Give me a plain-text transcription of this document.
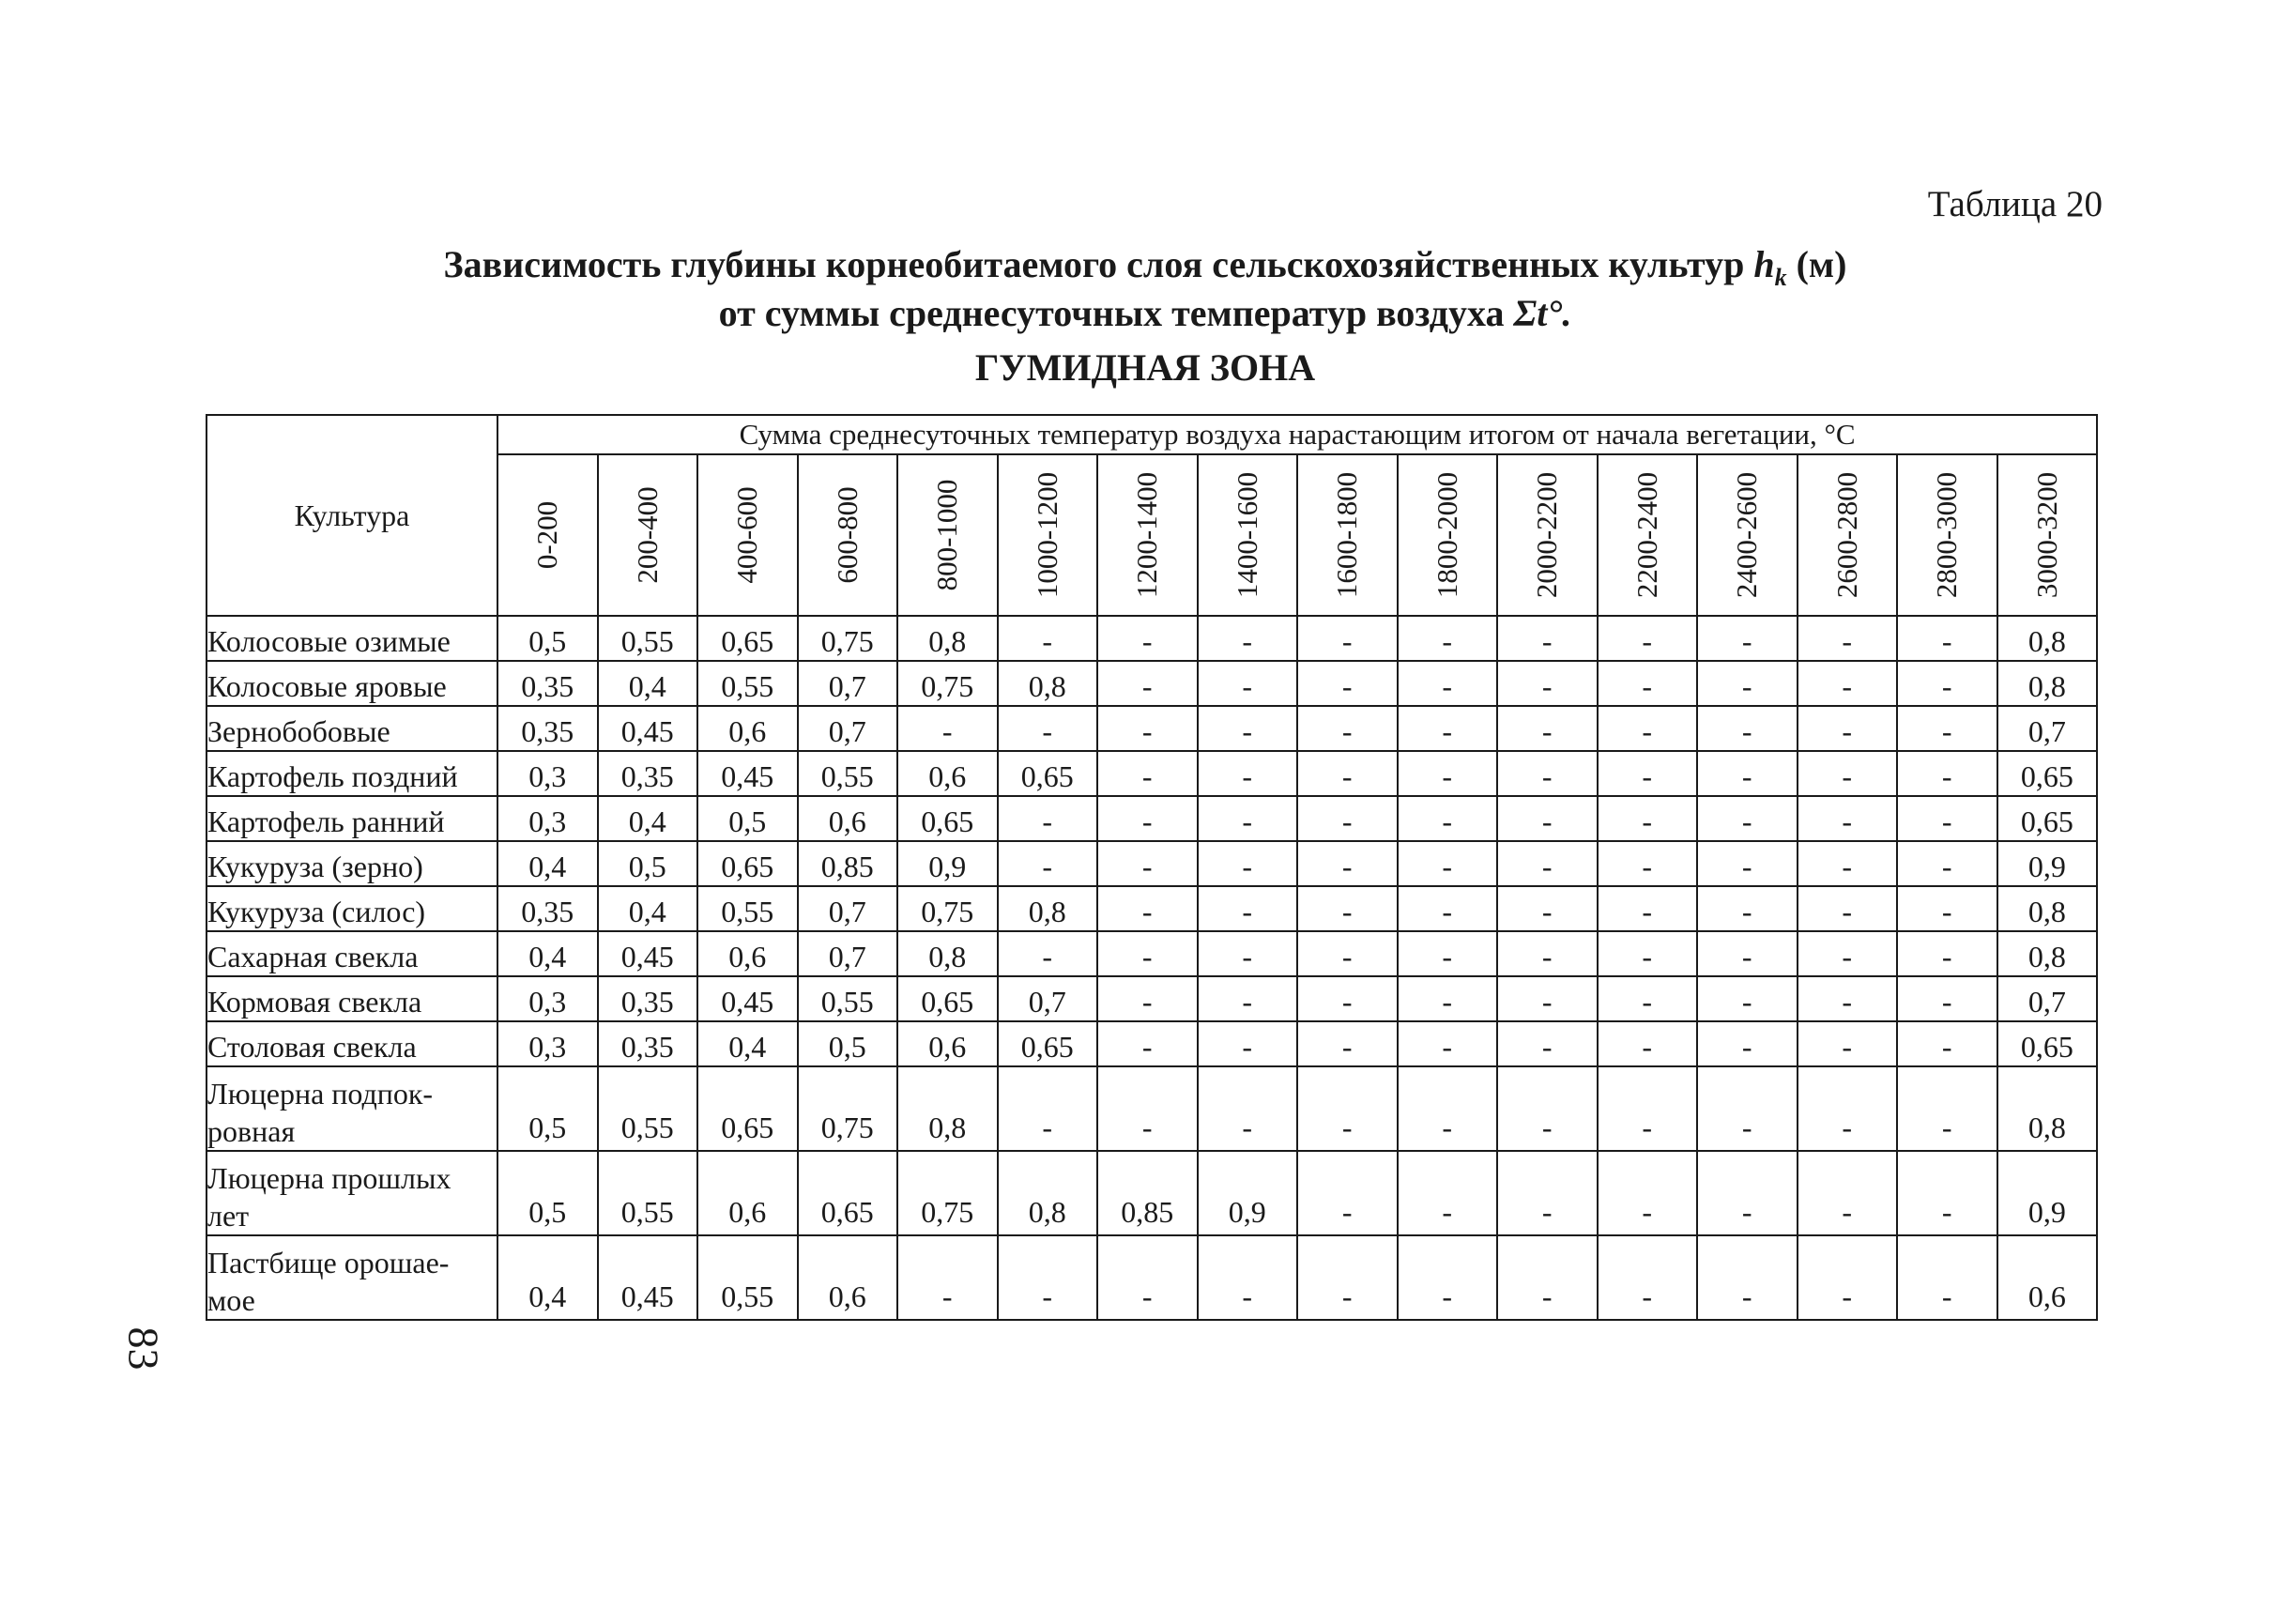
Таблица 20
Зависимость глубины корнеобитаемого слоя сельскохозяйственных культур $h_k$ (м)
от суммы среднесуточных температур воздуха Σt°.
ГУМИДНАЯ ЗОНА
Культура	Сумма среднесуточных температур воздуха нарастающим итогом от начала вегетации, °С															

	0-200	200-400	400-600	600-800	800-1000	1000-1200	1200-1400	1400-1600	1600-1800	1800-2000	2000-2200	2200-2400	2400-2600	2600-2800	2800-3000	3000-3200

Колосовые озимые	0,5	0,55	0,65	0,75	0,8	-	-	-	-	-	-	-	-	-	-	0,8
Колосовые яровые	0,35	0,4	0,55	0,7	0,75	0,8	-	-	-	-	-	-	-	-	-	0,8
Зернобобовые	0,35	0,45	0,6	0,7	-	-	-	-	-	-	-	-	-	-	-	0,7
Картофель поздний	0,3	0,35	0,45	0,55	0,6	0,65	-	-	-	-	-	-	-	-	-	0,65
Картофель ранний	0,3	0,4	0,5	0,6	0,65	-	-	-	-	-	-	-	-	-	-	0,65
Кукуруза (зерно)	0,4	0,5	0,65	0,85	0,9	-	-	-	-	-	-	-	-	-	-	0,9
Кукуруза (силос)	0,35	0,4	0,55	0,7	0,75	0,8	-	-	-	-	-	-	-	-	-	0,8
Сахарная свекла	0,4	0,45	0,6	0,7	0,8	-	-	-	-	-	-	-	-	-	-	0,8
Кормовая свекла	0,3	0,35	0,45	0,55	0,65	0,7	-	-	-	-	-	-	-	-	-	0,7
Столовая свекла	0,3	0,35	0,4	0,5	0,6	0,65	-	-	-	-	-	-	-	-	-	0,65

Люцерна подпок-
ровная	0,5	0,55	0,65	0,75	0,8	-	-	-	-	-	-	-	-	-	-	0,8

Люцерна прошлых
лет	0,5	0,55	0,6	0,65	0,75	0,8	0,85	0,9	-	-	-	-	-	-	-	0,9

Пастбище орошае-
мое	0,4	0,45	0,55	0,6	-	-	-	-	-	-	-	-	-	-	-	0,6
83
